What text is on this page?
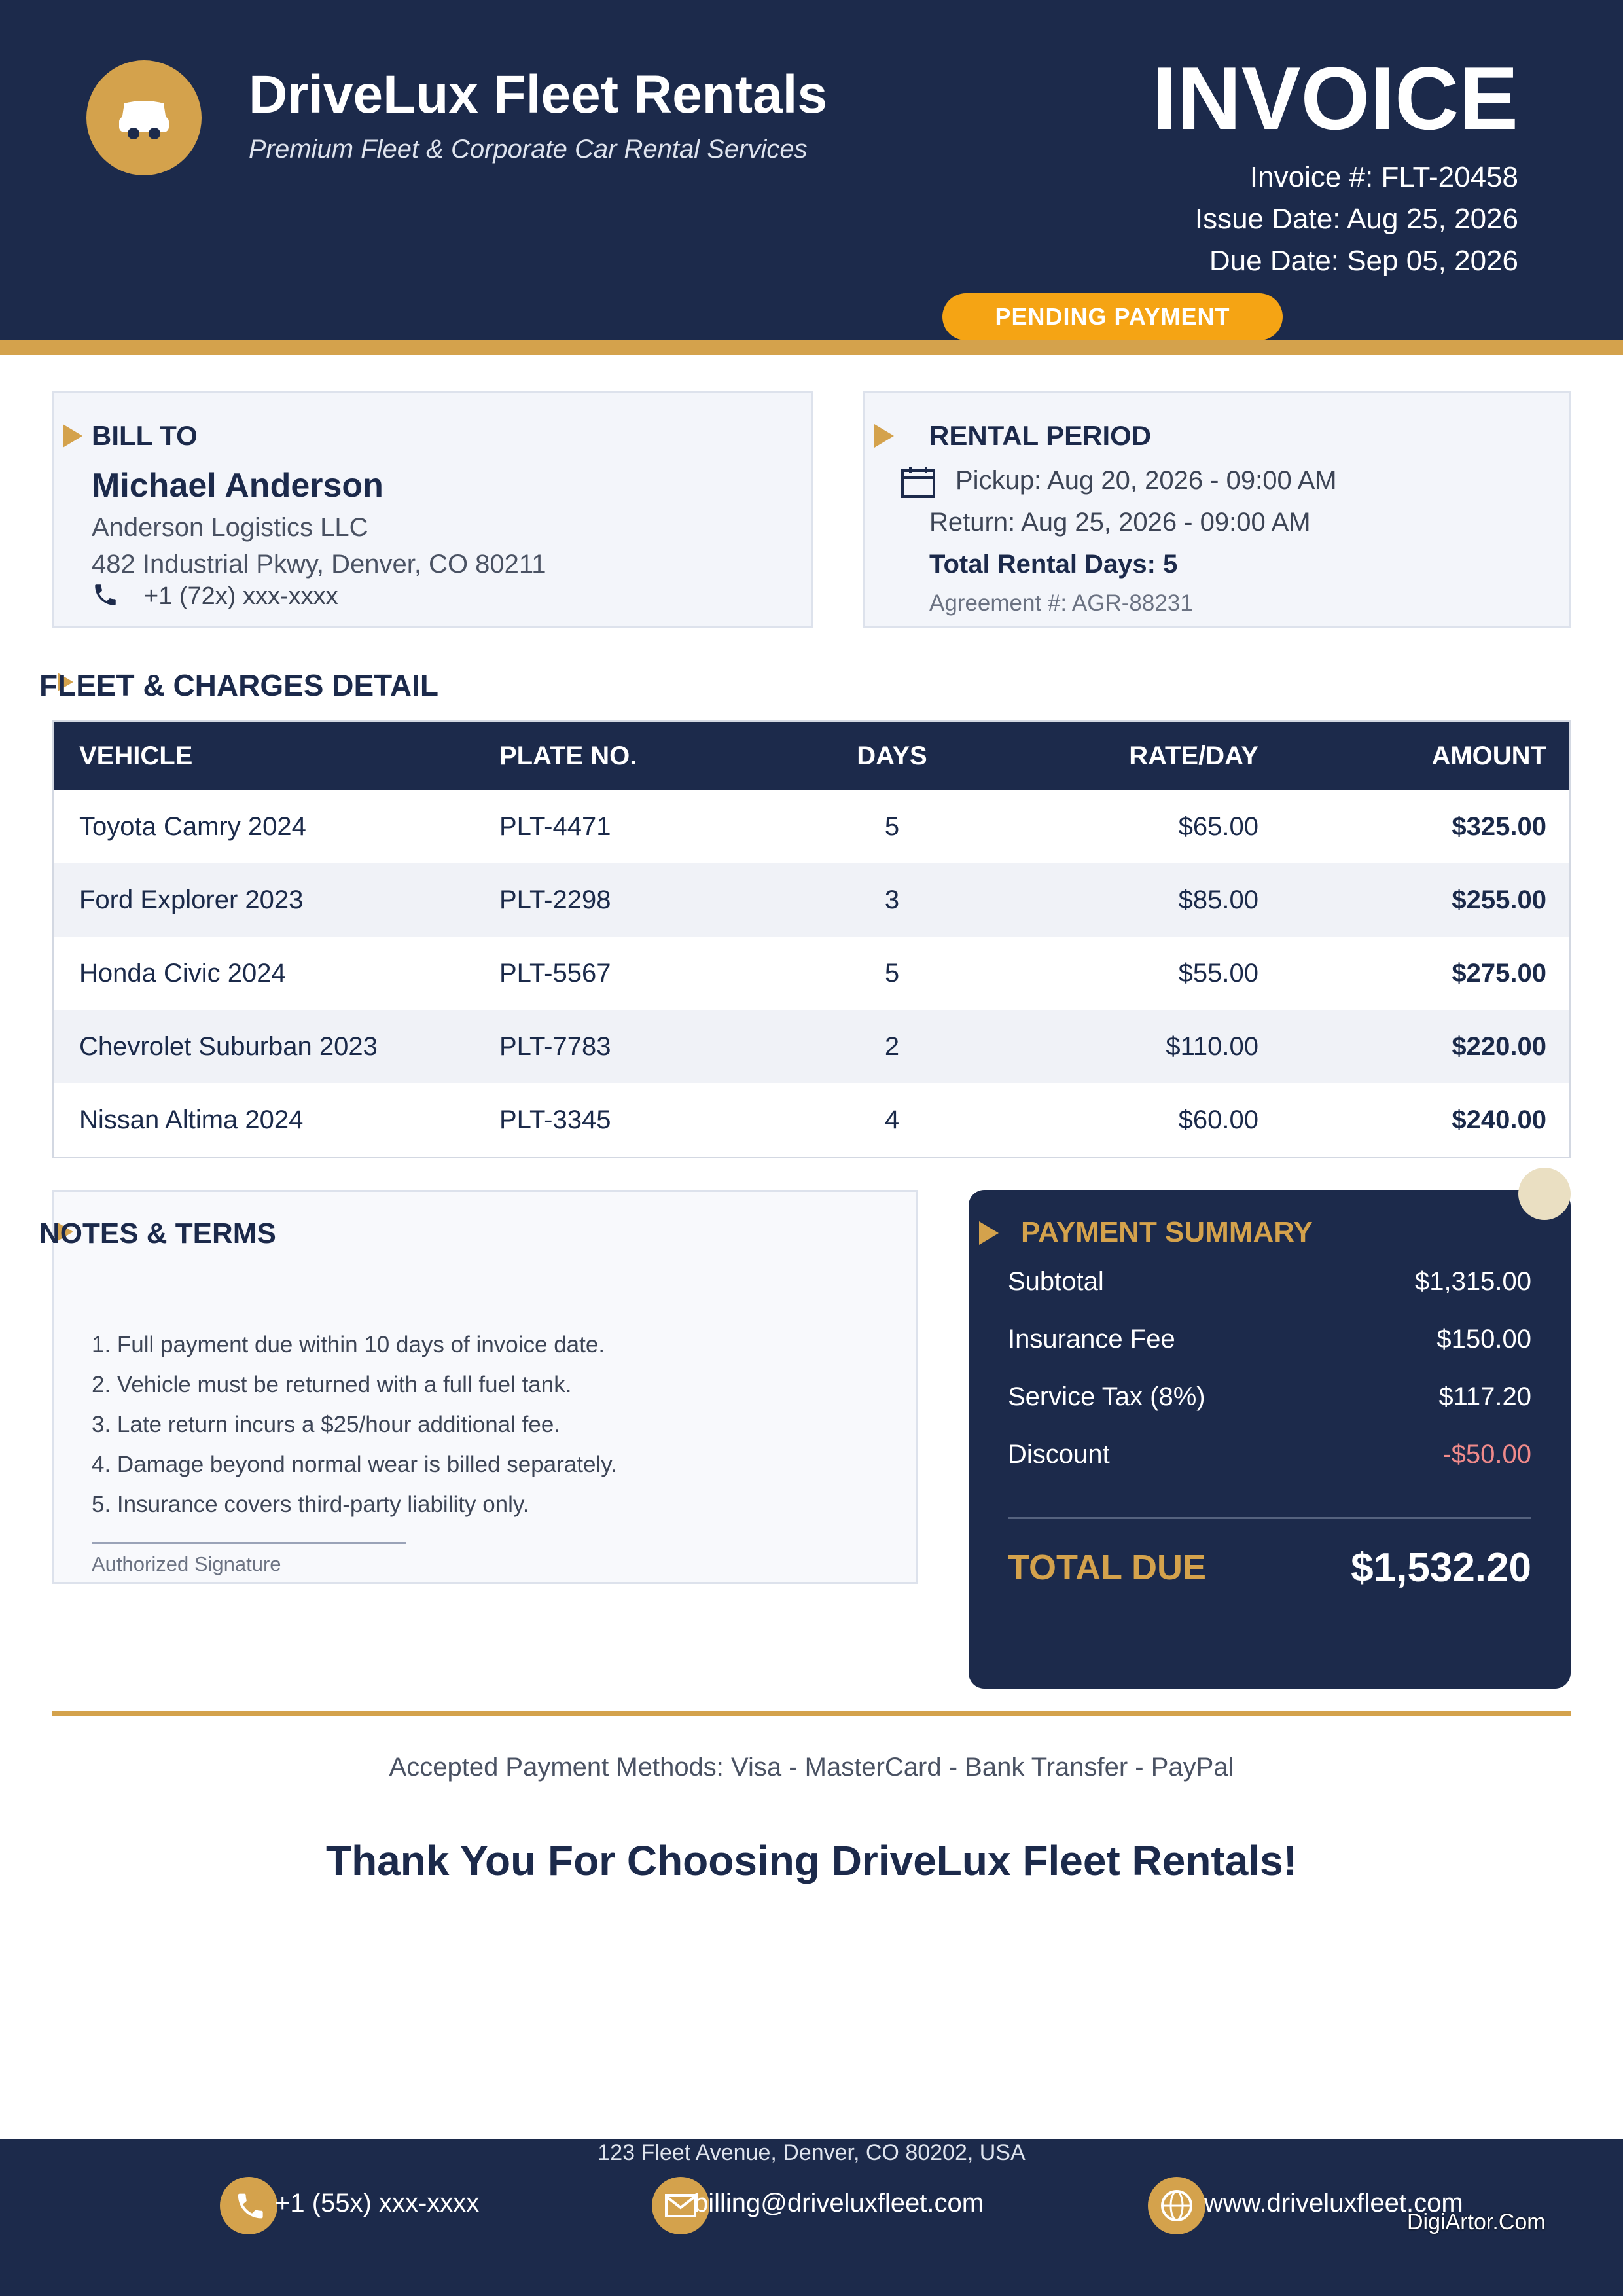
DriveLux Fleet Rentals
Premium Fleet & Corporate Car Rental Services
INVOICE
Invoice #: FLT-20458
Issue Date: Aug 25, 2026
Due Date: Sep 05, 2026
PENDING PAYMENT
BILL TO
Michael Anderson
Anderson Logistics LLC
482 Industrial Pkwy, Denver, CO 80211
+1 (72x) xxx-xxxx
RENTAL PERIOD
Pickup: Aug 20, 2026 - 09:00 AM
Return: Aug 25, 2026 - 09:00 AM
Total Rental Days: 5
Agreement #: AGR-88231
FLEET & CHARGES DETAIL
VEHICLE	PLATE NO.	DAYS	RATE/DAY	AMOUNT
Toyota Camry 2024	PLT-4471	5	$65.00	$325.00
Ford Explorer 2023	PLT-2298	3	$85.00	$255.00
Honda Civic 2024	PLT-5567	5	$55.00	$275.00
Chevrolet Suburban 2023	PLT-7783	2	$110.00	$220.00
Nissan Altima 2024	PLT-3345	4	$60.00	$240.00
NOTES & TERMS
1. Full payment due within 10 days of invoice date.
2. Vehicle must be returned with a full fuel tank.
3. Late return incurs a $25/hour additional fee.
4. Damage beyond normal wear is billed separately.
5. Insurance covers third-party liability only.
Authorized Signature
PAYMENT SUMMARY
Subtotal	$1,315.00
Insurance Fee	$150.00
Service Tax (8%)	$117.20
Discount	-$50.00
TOTAL DUE	$1,532.20
Accepted Payment Methods: Visa - MasterCard - Bank Transfer - PayPal
Thank You For Choosing DriveLux Fleet Rentals!
123 Fleet Avenue, Denver, CO 80202, USA
+1 (55x) xxx-xxxx	billing@driveluxfleet.com	www.driveluxfleet.com
DigiArtor.Com
